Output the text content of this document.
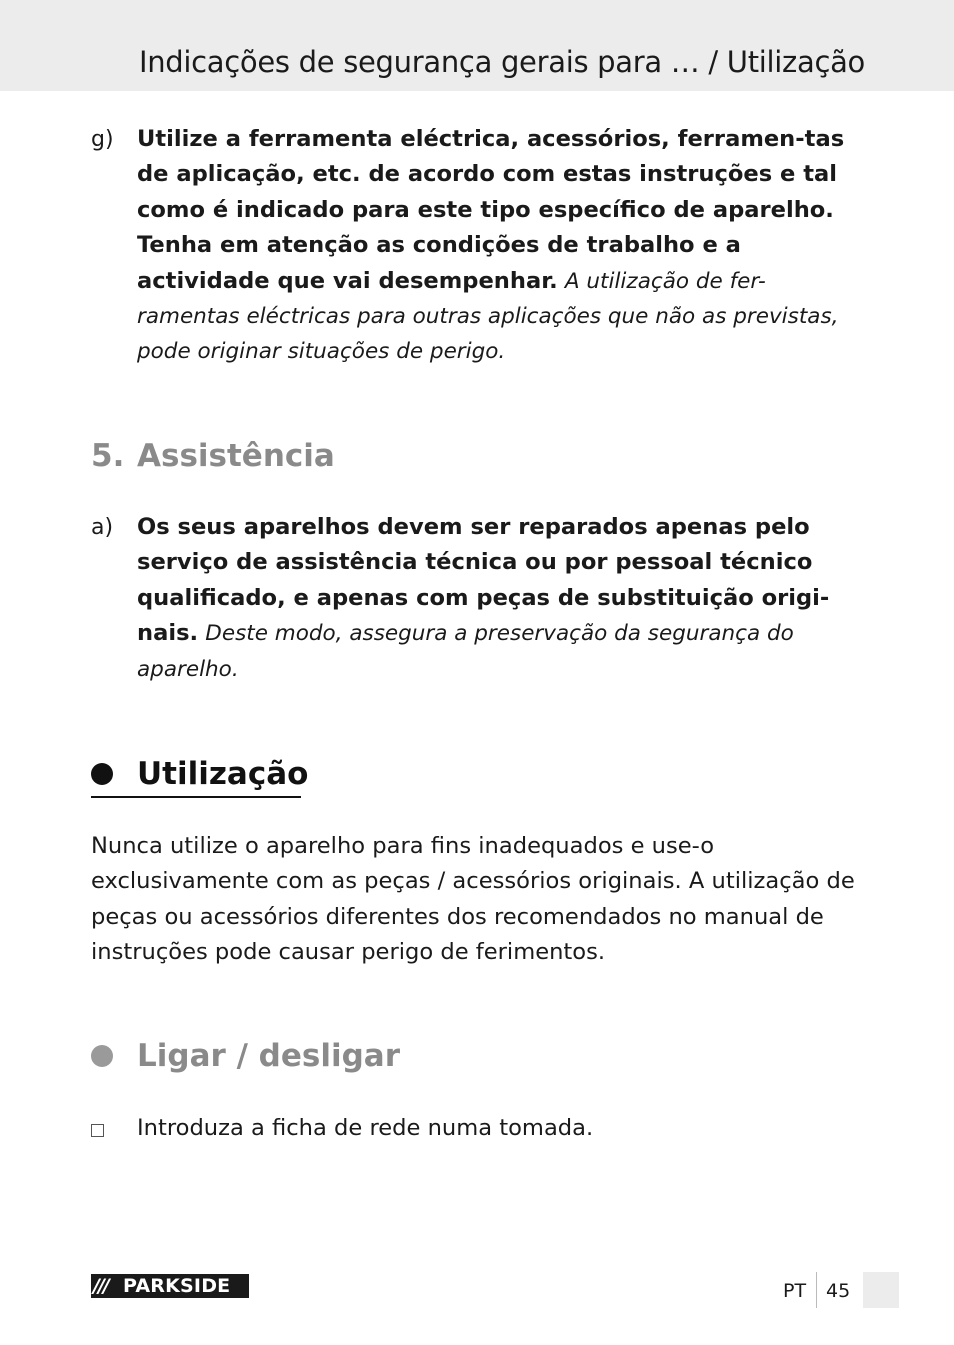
Indicações de segurança gerais para … / Utilização
g) Utilize a ferramenta eléctrica, acessórios, ferramen-tas de aplicação, etc. de acordo com estas instruções e tal como é indicado para este tipo específico de aparelho. Tenha em atenção as condições de trabalho e a actividade que vai desempenhar. A utilização de fer-ramentas eléctricas para outras aplicações que não as previstas, pode originar situações de perigo.
5. Assistência
a) Os seus aparelhos devem ser reparados apenas pelo serviço de assistência técnica ou por pessoal técnico qualificado, e apenas com peças de substituição origi-nais. Deste modo, assegura a preservação da segurança do aparelho.
Utilização
Nunca utilize o aparelho para fins inadequados e use-o exclusivamente com as peças / acessórios originais. A utilização de peças ou acessórios diferentes dos recomendados no manual de instruções pode causar perigo de ferimentos.
Ligar / desligar
Introduza a ficha de rede numa tomada.
/// PARKSIDE	PT 45
